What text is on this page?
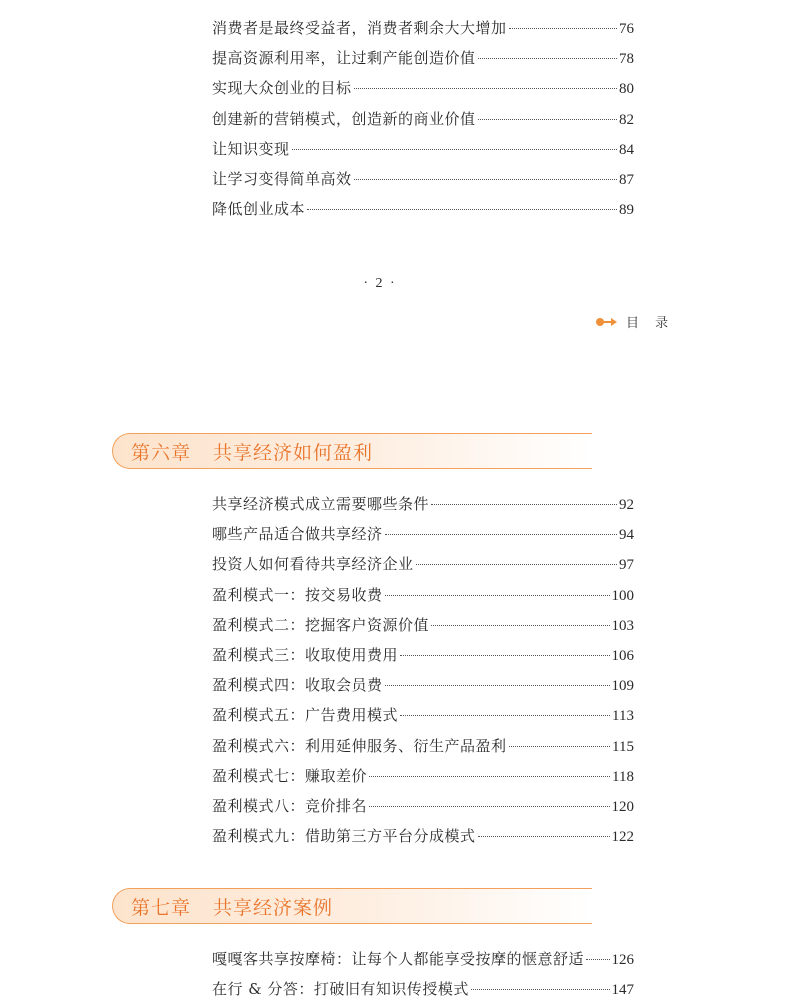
消费者是最终受益者，消费者剩余大大增加	76
提高资源利用率，让过剩产能创造价值	78
实现大众创业的目标	80
创建新的营销模式，创造新的商业价值	82
让知识变现	84
让学习变得简单高效	87
降低创业成本	89
· 2 ·
目 录
第六章 共享经济如何盈利
共享经济模式成立需要哪些条件	92
哪些产品适合做共享经济	94
投资人如何看待共享经济企业	97
盈利模式一：按交易收费	100
盈利模式二：挖掘客户资源价值	103
盈利模式三：收取使用费用	106
盈利模式四：收取会员费	109
盈利模式五：广告费用模式	113
盈利模式六：利用延伸服务、衍生产品盈利	115
盈利模式七：赚取差价	118
盈利模式八：竞价排名	120
盈利模式九：借助第三方平台分成模式	122
第七章 共享经济案例
嘎嘎客共享按摩椅：让每个人都能享受按摩的惬意舒适 126
在行 & 分答：打破旧有知识传授模式	147
